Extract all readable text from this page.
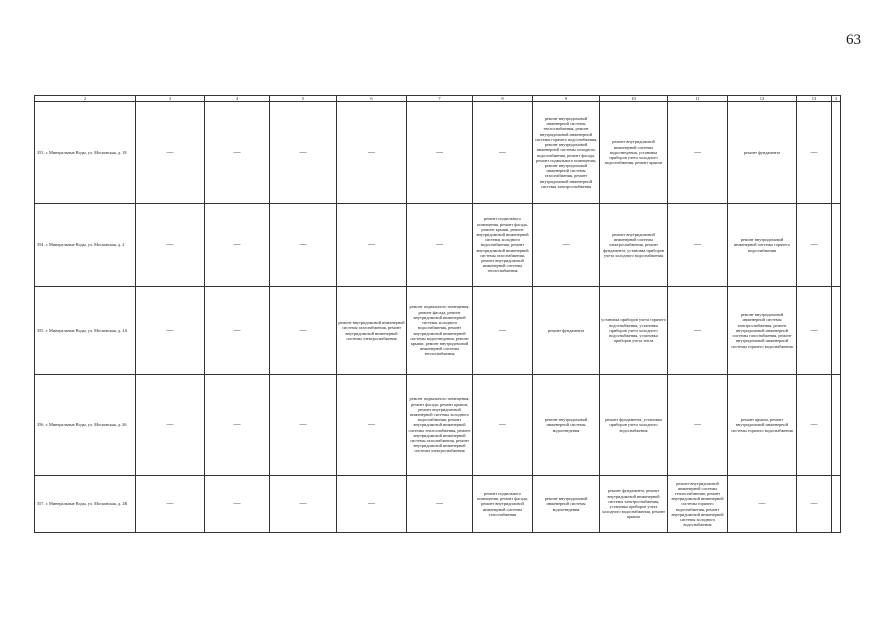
63
2	3	4	5	6	7	8	9	10	11	12	13	3
353. г. Минеральные Воды, ул. Московская, д. 18	—	—	—	—	—	—	ремонт внутридомовой инженерной системы теплоснабжения, ремонт внутридомовой инженерной системы горячего водоснабжения, ремонт внутридомовой инженерной системы холодного водоснабжения, ремонт фасада, ремонт подвального помещения, ремонт внутридомовой инженерной системы газоснабжения, ремонт внутридомовой инженерной системы электроснабжения	ремонт внутридомовой инженерной системы водоотведения, установка приборов учета холодного водоснабжения, ремонт крыши	—	ремонт фундамента	—	
354. г. Минеральные Воды, ул. Московская, д. 2	—	—	—	—	—	ремонт подвального помещения, ремонт фасада, ремонт крыши, ремонт внутридомовой инженерной системы холодного водоснабжения, ремонт внутридомовой инженерной системы газоснабжения, ремонт внутридомовой инженерной системы теплоснабжения	—	ремонт внутридомовой инженерной системы электроснабжения, ремонт фундамента, установка приборов учета холодного водоснабжения	—	ремонт внутридомовой инженерной системы горячего водоснабжения	—	
355. г. Минеральные Воды, ул. Московская, д. 2А	—	—	—	ремонт внутридомовой инженерной системы газоснабжения, ремонт внутридомовой инженерной системы электроснабжения	ремонт подвального помещения, ремонт фасада, ремонт внутридомовой инженерной системы холодного водоснабжения, ремонт внутридомовой инженерной системы водоотведения, ремонт крыши, ремонт внутридомовой инженерной системы теплоснабжения	—	ремонт фундамента	установка приборов учета горячего водоснабжения, установка приборов учета холодного водоснабжения, установка приборов учета тепла	—	ремонт внутридомовой инженерной системы электроснабжения, ремонт внутридомовой инженерной системы газоснабжения, ремонт внутридомовой инженерной системы горячего водоснабжения	—	
356. г. Минеральные Воды, ул. Московская, д. 26	—	—	—	—	ремонт подвального помещения, ремонт фасада, ремонт крыши, ремонт внутридомовой инженерной системы холодного водоснабжения, ремонт внутридомовой инженерной системы теплоснабжения, ремонт внутридомовой инженерной системы газоснабжения, ремонт внутридомовой инженерной системы электроснабжения	—	ремонт внутридомовой инженерной системы водоотведения	ремонт фундамента, установка приборов учета холодного водоснабжения	—	ремонт крыши, ремонт внутридомовой инженерной системы горячего водоснабжения	—	
357. г. Минеральные Воды, ул. Московская, д. 2В	—	—	—	—	—	ремонт подвального помещения, ремонт фасада, ремонт внутридомовой инженерной системы газоснабжения	ремонт внутридомовой инженерной системы водоотведения	ремонт фундамента, ремонт внутридомовой инженерной системы электроснабжения, установка приборов учета холодного водоснабжения, ремонт крыши	ремонт внутридомовой инженерной системы теплоснабжения, ремонт внутридомовой инженерной системы горячего водоснабжения, ремонт внутридомовой инженерной системы холодного водоснабжения	—	—	
